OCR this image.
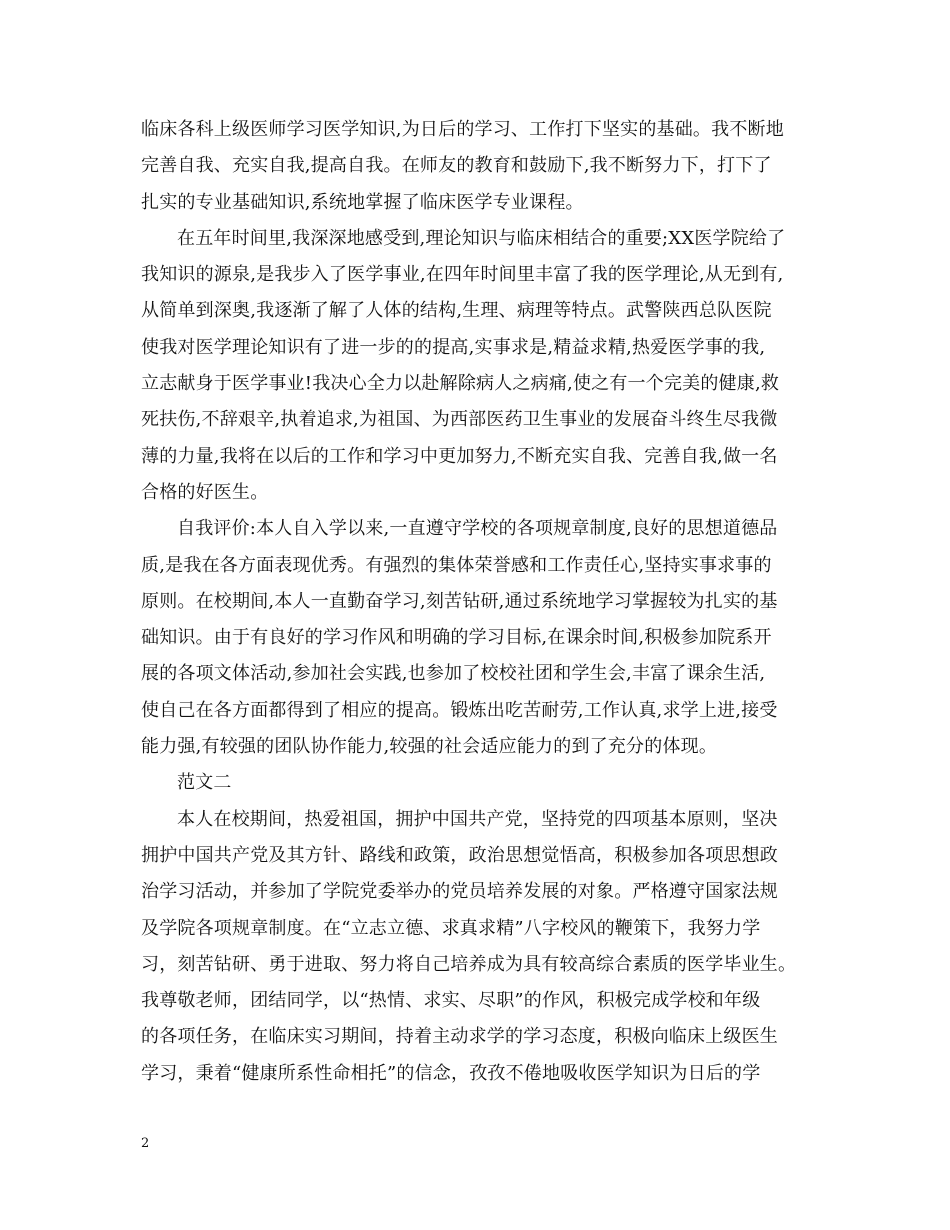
临床各科上级医师学习医学知识,为日后的学习、工作打下坚实的基础。我不断地
完善自我、充实自我,提高自我。在师友的教育和鼓励下,我不断努力下，打下了
扎实的专业基础知识,系统地掌握了临床医学专业课程。
在五年时间里,我深深地感受到,理论知识与临床相结合的重要;XX医学院给了
我知识的源泉,是我步入了医学事业,在四年时间里丰富了我的医学理论,从无到有,
从简单到深奥,我逐渐了解了人体的结构,生理、病理等特点。武警陕西总队医院
使我对医学理论知识有了进一步的的提高,实事求是,精益求精,热爱医学事的我,
立志献身于医学事业!我决心全力以赴解除病人之病痛,使之有一个完美的健康,救
死扶伤,不辞艰辛,执着追求,为祖国、为西部医药卫生事业的发展奋斗终生尽我微
薄的力量,我将在以后的工作和学习中更加努力,不断充实自我、完善自我,做一名
合格的好医生。
自我评价:本人自入学以来,一直遵守学校的各项规章制度,良好的思想道德品
质,是我在各方面表现优秀。有强烈的集体荣誉感和工作责任心,坚持实事求事的
原则。在校期间,本人一直勤奋学习,刻苦钻研,通过系统地学习掌握较为扎实的基
础知识。由于有良好的学习作风和明确的学习目标,在课余时间,积极参加院系开
展的各项文体活动,参加社会实践,也参加了校校社团和学生会,丰富了课余生活,
使自己在各方面都得到了相应的提高。锻炼出吃苦耐劳,工作认真,求学上进,接受
能力强,有较强的团队协作能力,较强的社会适应能力的到了充分的体现。
范文二
本人在校期间，热爱祖国，拥护中国共产党，坚持党的四项基本原则，坚决
拥护中国共产党及其方针、路线和政策，政治思想觉悟高，积极参加各项思想政
治学习活动，并参加了学院党委举办的党员培养发展的对象。严格遵守国家法规
及学院各项规章制度。在“立志立德、求真求精”八字校风的鞭策下，我努力学
习，刻苦钻研、勇于进取、努力将自己培养成为具有较高综合素质的医学毕业生。
我尊敬老师，团结同学，以“热情、求实、尽职”的作风，积极完成学校和年级
的各项任务，在临床实习期间，持着主动求学的学习态度，积极向临床上级医生
学习，秉着“健康所系性命相托”的信念，孜孜不倦地吸收医学知识为日后的学
2
